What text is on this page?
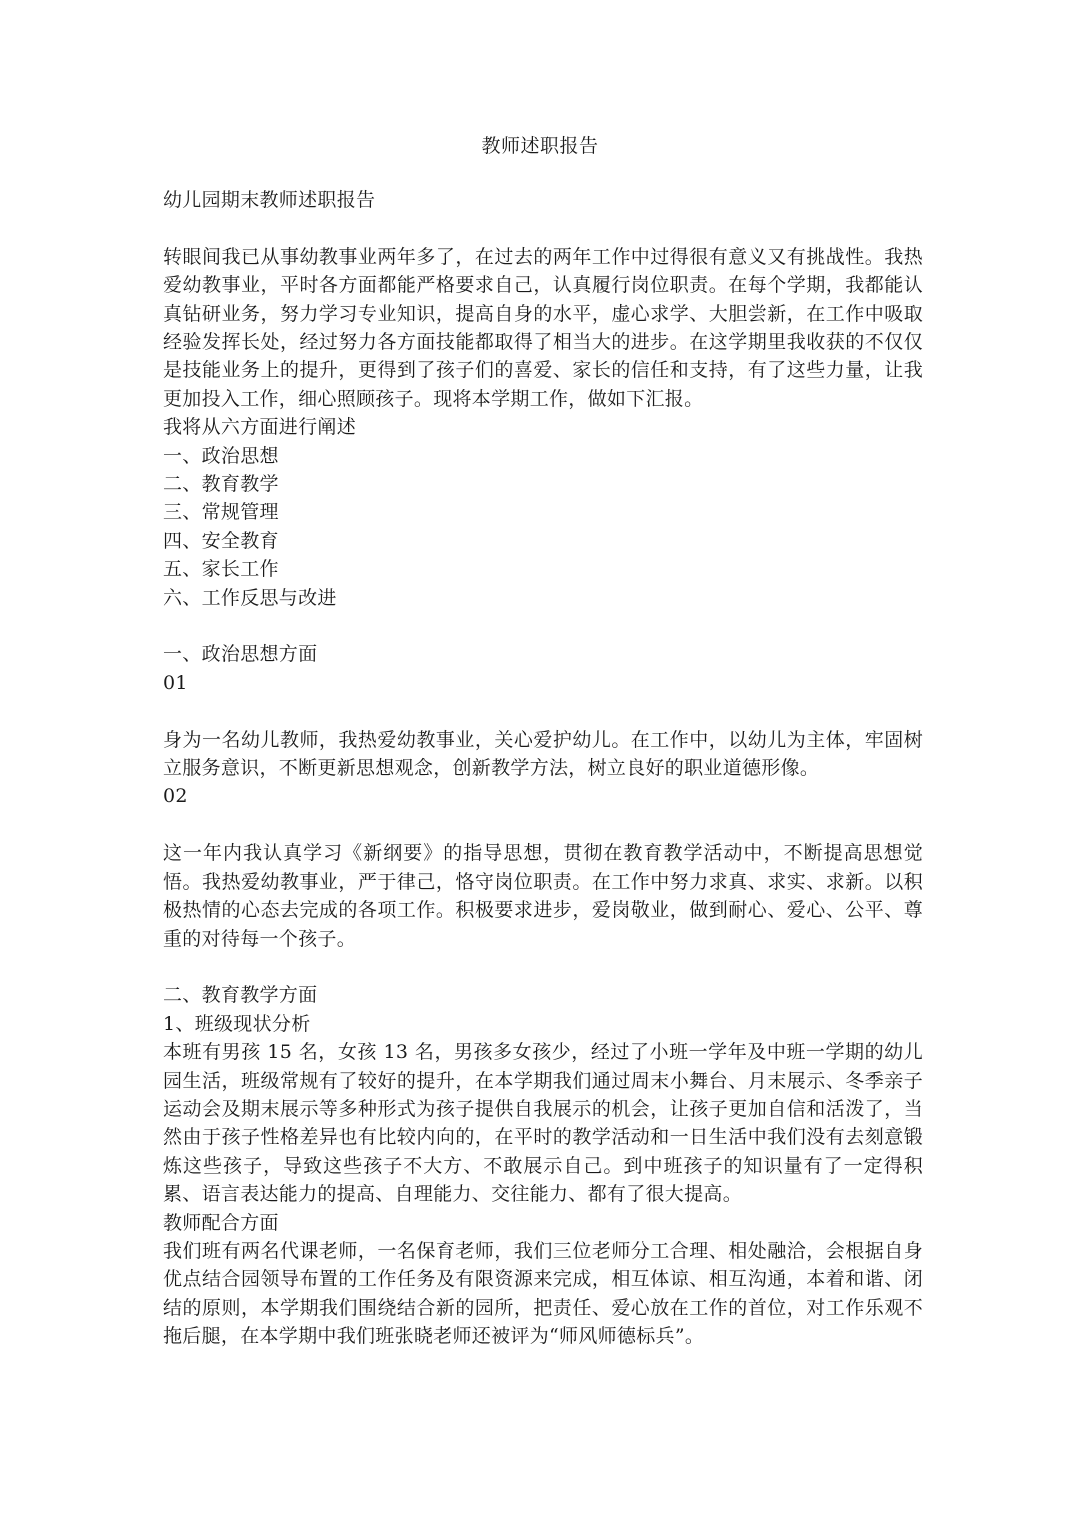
教师述职报告

幼儿园期末教师述职报告

转眼间我已从事幼教事业两年多了，在过去的两年工作中过得很有意义又有挑战性。我热爱幼教事业，平时各方面都能严格要求自己，认真履行岗位职责。在每个学期，我都能认真钻研业务，努力学习专业知识，提高自身的水平，虚心求学、大胆尝新，在工作中吸取经验发挥长处，经过努力各方面技能都取得了相当大的进步。在这学期里我收获的不仅仅是技能业务上的提升，更得到了孩子们的喜爱、家长的信任和支持，有了这些力量，让我更加投入工作，细心照顾孩子。现将本学期工作，做如下汇报。

我将从六方面进行阐述

一、政治思想

二、教育教学

三、常规管理

四、安全教育

五、家长工作

六、工作反思与改进

一、政治思想方面

01

身为一名幼儿教师，我热爱幼教事业，关心爱护幼儿。在工作中，以幼儿为主体，牢固树立服务意识，不断更新思想观念，创新教学方法，树立良好的职业道德形像。

02

这一年内我认真学习《新纲要》的指导思想，贯彻在教育教学活动中，不断提高思想觉悟。我热爱幼教事业，严于律己，恪守岗位职责。在工作中努力求真、求实、求新。以积极热情的心态去完成的各项工作。积极要求进步，爱岗敬业，做到耐心、爱心、公平、尊重的对待每一个孩子。

二、教育教学方面

1、班级现状分析

本班有男孩 15 名，女孩 13 名，男孩多女孩少，经过了小班一学年及中班一学期的幼儿园生活，班级常规有了较好的提升，在本学期我们通过周末小舞台、月末展示、冬季亲子运动会及期末展示等多种形式为孩子提供自我展示的机会，让孩子更加自信和活泼了，当然由于孩子性格差异也有比较内向的，在平时的教学活动和一日生活中我们没有去刻意锻炼这些孩子，导致这些孩子不大方、不敢展示自己。到中班孩子的知识量有了一定得积累、语言表达能力的提高、自理能力、交往能力、都有了很大提高。

教师配合方面

我们班有两名代课老师，一名保育老师，我们三位老师分工合理、相处融洽，会根据自身优点结合园领导布置的工作任务及有限资源来完成，相互体谅、相互沟通，本着和谐、闭结的原则，本学期我们围绕结合新的园所，把责任、爱心放在工作的首位，对工作乐观不拖后腿，在本学期中我们班张晓老师还被评为“师风师德标兵”。
